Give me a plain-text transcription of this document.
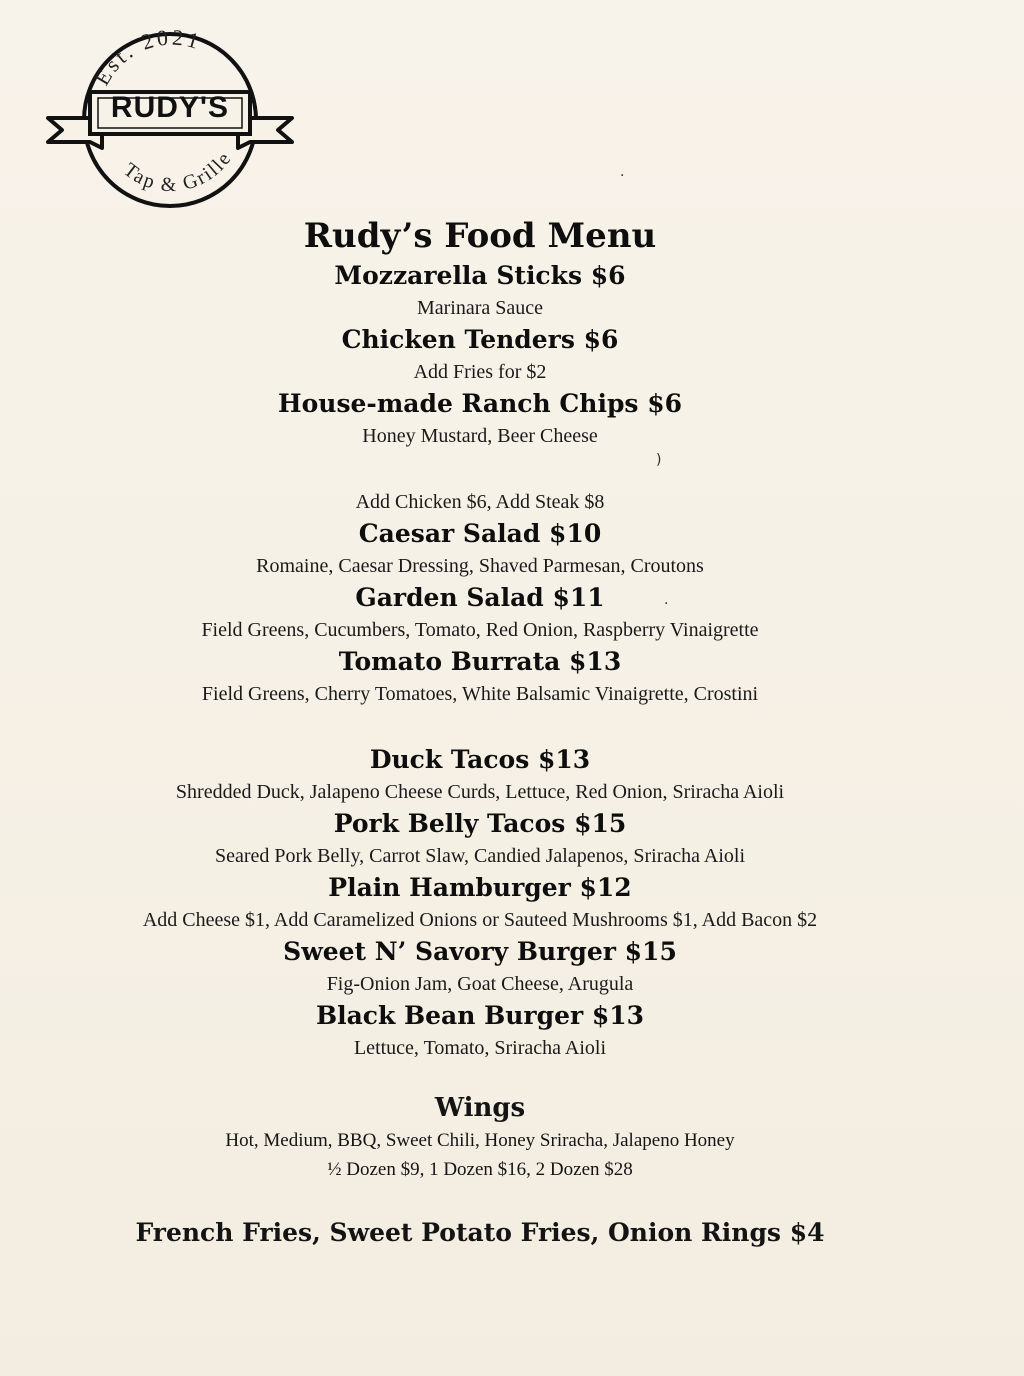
Est. 2021
Tap & Grille
RUDY'S
·
)
·
Rudy’s Food Menu

Mozzarella Sticks $6

Marinara Sauce

Chicken Tenders $6

Add Fries for $2

House-made Ranch Chips $6

Honey Mustard, Beer Cheese

Add Chicken $6, Add Steak $8

Caesar Salad $10

Romaine, Caesar Dressing, Shaved Parmesan, Croutons

Garden Salad $11

Field Greens, Cucumbers, Tomato, Red Onion, Raspberry Vinaigrette

Tomato Burrata $13

Field Greens, Cherry Tomatoes, White Balsamic Vinaigrette, Crostini

Duck Tacos $13

Shredded Duck, Jalapeno Cheese Curds, Lettuce, Red Onion, Sriracha Aioli

Pork Belly Tacos $15

Seared Pork Belly, Carrot Slaw, Candied Jalapenos, Sriracha Aioli

Plain Hamburger $12

Add Cheese $1, Add Caramelized Onions or Sauteed Mushrooms $1, Add Bacon $2

Sweet N’ Savory Burger $15

Fig-Onion Jam, Goat Cheese, Arugula

Black Bean Burger $13

Lettuce, Tomato, Sriracha Aioli

Wings

Hot, Medium, BBQ, Sweet Chili, Honey Sriracha, Jalapeno Honey

½ Dozen $9, 1 Dozen $16, 2 Dozen $28

French Fries, Sweet Potato Fries, Onion Rings $4
